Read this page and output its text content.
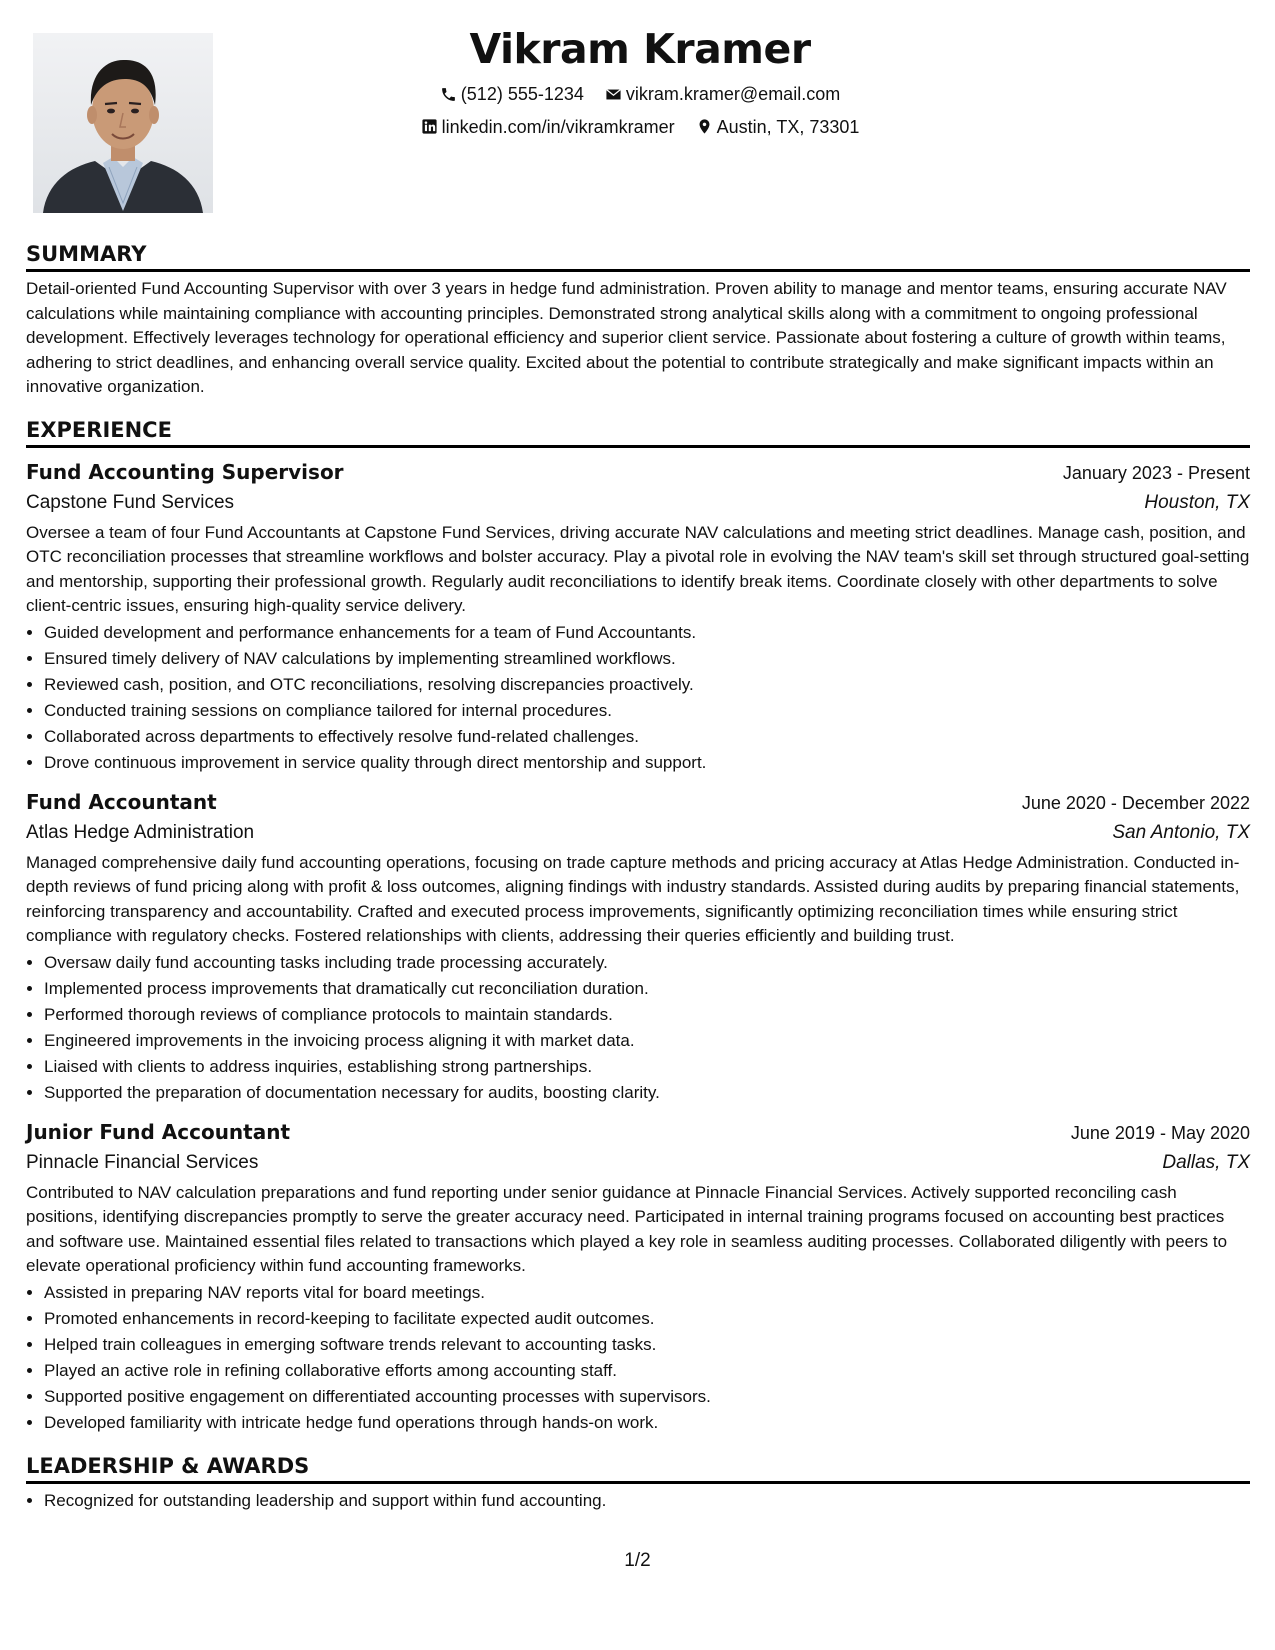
Vikram Kramer
(512) 555-1234
vikram.kramer@email.com
linkedin.com/in/vikramkramer
Austin, TX, 73301
SUMMARY

Detail-oriented Fund Accounting Supervisor with over 3 years in hedge fund administration. Proven ability to manage and mentor teams, ensuring accurate NAV calculations while maintaining compliance with accounting principles. Demonstrated strong analytical skills along with a commitment to ongoing professional development. Effectively leverages technology for operational efficiency and superior client service. Passionate about fostering a culture of growth within teams, adhering to strict deadlines, and enhancing overall service quality. Excited about the potential to contribute strategically and make significant impacts within an innovative organization.

EXPERIENCE
Fund Accounting Supervisor	January 2023 - Present
Capstone Fund Services	Houston, TX

Oversee a team of four Fund Accountants at Capstone Fund Services, driving accurate NAV calculations and meeting strict deadlines. Manage cash, position, and OTC reconciliation processes that streamline workflows and bolster accuracy. Play a pivotal role in evolving the NAV team's skill set through structured goal-setting and mentorship, supporting their professional growth. Regularly audit reconciliations to identify break items. Coordinate closely with other departments to solve client-centric issues, ensuring high-quality service delivery.

• Guided development and performance enhancements for a team of Fund Accountants.
• Ensured timely delivery of NAV calculations by implementing streamlined workflows.
• Reviewed cash, position, and OTC reconciliations, resolving discrepancies proactively.
• Conducted training sessions on compliance tailored for internal procedures.
• Collaborated across departments to effectively resolve fund-related challenges.
• Drove continuous improvement in service quality through direct mentorship and support.
Fund Accountant	June 2020 - December 2022
Atlas Hedge Administration	San Antonio, TX

Managed comprehensive daily fund accounting operations, focusing on trade capture methods and pricing accuracy at Atlas Hedge Administration. Conducted in-depth reviews of fund pricing along with profit & loss outcomes, aligning findings with industry standards. Assisted during audits by preparing financial statements, reinforcing transparency and accountability. Crafted and executed process improvements, significantly optimizing reconciliation times while ensuring strict compliance with regulatory checks. Fostered relationships with clients, addressing their queries efficiently and building trust.

• Oversaw daily fund accounting tasks including trade processing accurately.
• Implemented process improvements that dramatically cut reconciliation duration.
• Performed thorough reviews of compliance protocols to maintain standards.
• Engineered improvements in the invoicing process aligning it with market data.
• Liaised with clients to address inquiries, establishing strong partnerships.
• Supported the preparation of documentation necessary for audits, boosting clarity.
Junior Fund Accountant	June 2019 - May 2020
Pinnacle Financial Services	Dallas, TX

Contributed to NAV calculation preparations and fund reporting under senior guidance at Pinnacle Financial Services. Actively supported reconciling cash positions, identifying discrepancies promptly to serve the greater accuracy need. Participated in internal training programs focused on accounting best practices and software use. Maintained essential files related to transactions which played a key role in seamless auditing processes. Collaborated diligently with peers to elevate operational proficiency within fund accounting frameworks.

• Assisted in preparing NAV reports vital for board meetings.
• Promoted enhancements in record-keeping to facilitate expected audit outcomes.
• Helped train colleagues in emerging software trends relevant to accounting tasks.
• Played an active role in refining collaborative efforts among accounting staff.
• Supported positive engagement on differentiated accounting processes with supervisors.
• Developed familiarity with intricate hedge fund operations through hands-on work.
LEADERSHIP & AWARDS
• Recognized for outstanding leadership and support within fund accounting.
1/2
